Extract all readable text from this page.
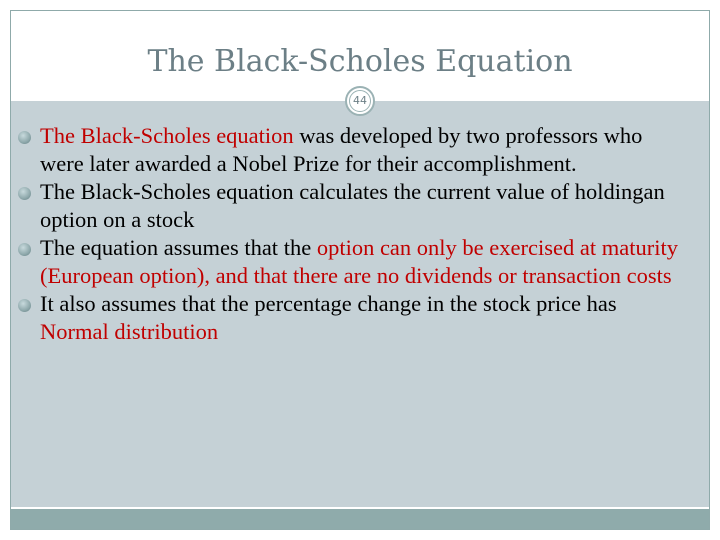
The Black-Scholes Equation
44
The Black-Scholes equation was developed by two professors who were later awarded a Nobel Prize for their accomplishment.
The Black-Scholes equation calculates the current value of holdingan option on a stock
The equation assumes that the option can only be exercised at maturity (European option), and that there are no dividends or transaction costs
It also assumes that the percentage change in the stock price has Normal distribution
